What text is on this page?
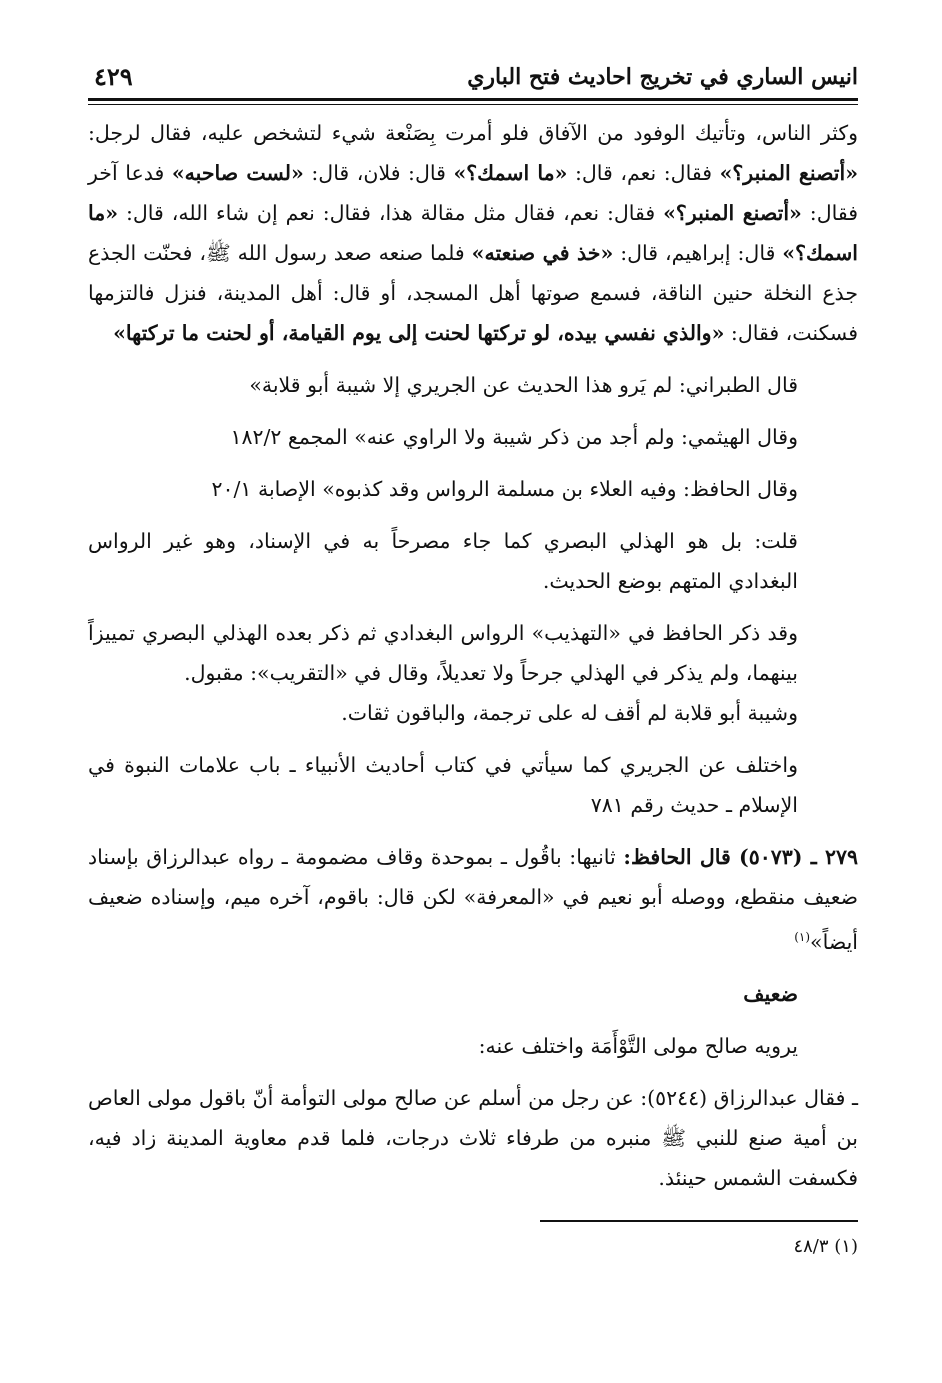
انيس الساري في تخريج احاديث فتح الباري
٤٢٩

وكثر الناس، وتأتيك الوفود من الآفاق فلو أمرت بِصَنْعة شيء لتشخص عليه، فقال لرجل: «أتصنع المنبر؟» فقال: نعم، قال: «ما اسمك؟» قال: فلان، قال: «لست صاحبه» فدعا آخر فقال: «أتصنع المنبر؟» فقال: نعم، فقال مثل مقالة هذا، فقال: نعم إن شاء الله، قال: «ما اسمك؟» قال: إبراهيم، قال: «خذ في صنعته» فلما صنعه صعد رسول الله ﷺ، فحنّت الجذع جذع النخلة حنين الناقة، فسمع صوتها أهل المسجد، أو قال: أهل المدينة، فنزل فالتزمها فسكنت، فقال: «والذي نفسي بيده، لو تركتها لحنت إلى يوم القيامة، أو لحنت ما تركتها»

قال الطبراني: لم يَرو هذا الحديث عن الجريري إلا شيبة أبو قلابة»

وقال الهيثمي: ولم أجد من ذكر شيبة ولا الراوي عنه» المجمع ١٨٢/٢

وقال الحافظ: وفيه العلاء بن مسلمة الرواس وقد كذبوه» الإصابة ٢٠/١

قلت: بل هو الهذلي البصري كما جاء مصرحاً به في الإسناد، وهو غير الرواس البغدادي المتهم بوضع الحديث.

وقد ذكر الحافظ في «التهذيب» الرواس البغدادي ثم ذكر بعده الهذلي البصري تمييزاً بينهما، ولم يذكر في الهذلي جرحاً ولا تعديلاً، وقال في «التقريب»: مقبول.

وشيبة أبو قلابة لم أقف له على ترجمة، والباقون ثقات.

واختلف عن الجريري كما سيأتي في كتاب أحاديث الأنبياء ـ باب علامات النبوة في الإسلام ـ حديث رقم ٧٨١

٢٧٩ ـ (٥٠٧٣) قال الحافظ: ثانيها: باقُول ـ بموحدة وقاف مضمومة ـ رواه عبدالرزاق بإسناد ضعيف منقطع، ووصله أبو نعيم في «المعرفة» لكن قال: باقوم، آخره ميم، وإسناده ضعيف أيضاً»$^{(١)}$

ضعيف

يرويه صالح مولى التَّوْأَمَة واختلف عنه:

ـ فقال عبدالرزاق (٥٢٤٤): عن رجل من أسلم عن صالح مولى التوأمة أنّ باقول مولى العاص بن أمية صنع للنبي ﷺ منبره من طرفاء ثلاث درجات، فلما قدم معاوية المدينة زاد فيه، فكسفت الشمس حينئذ.

(١) ٤٨/٣
